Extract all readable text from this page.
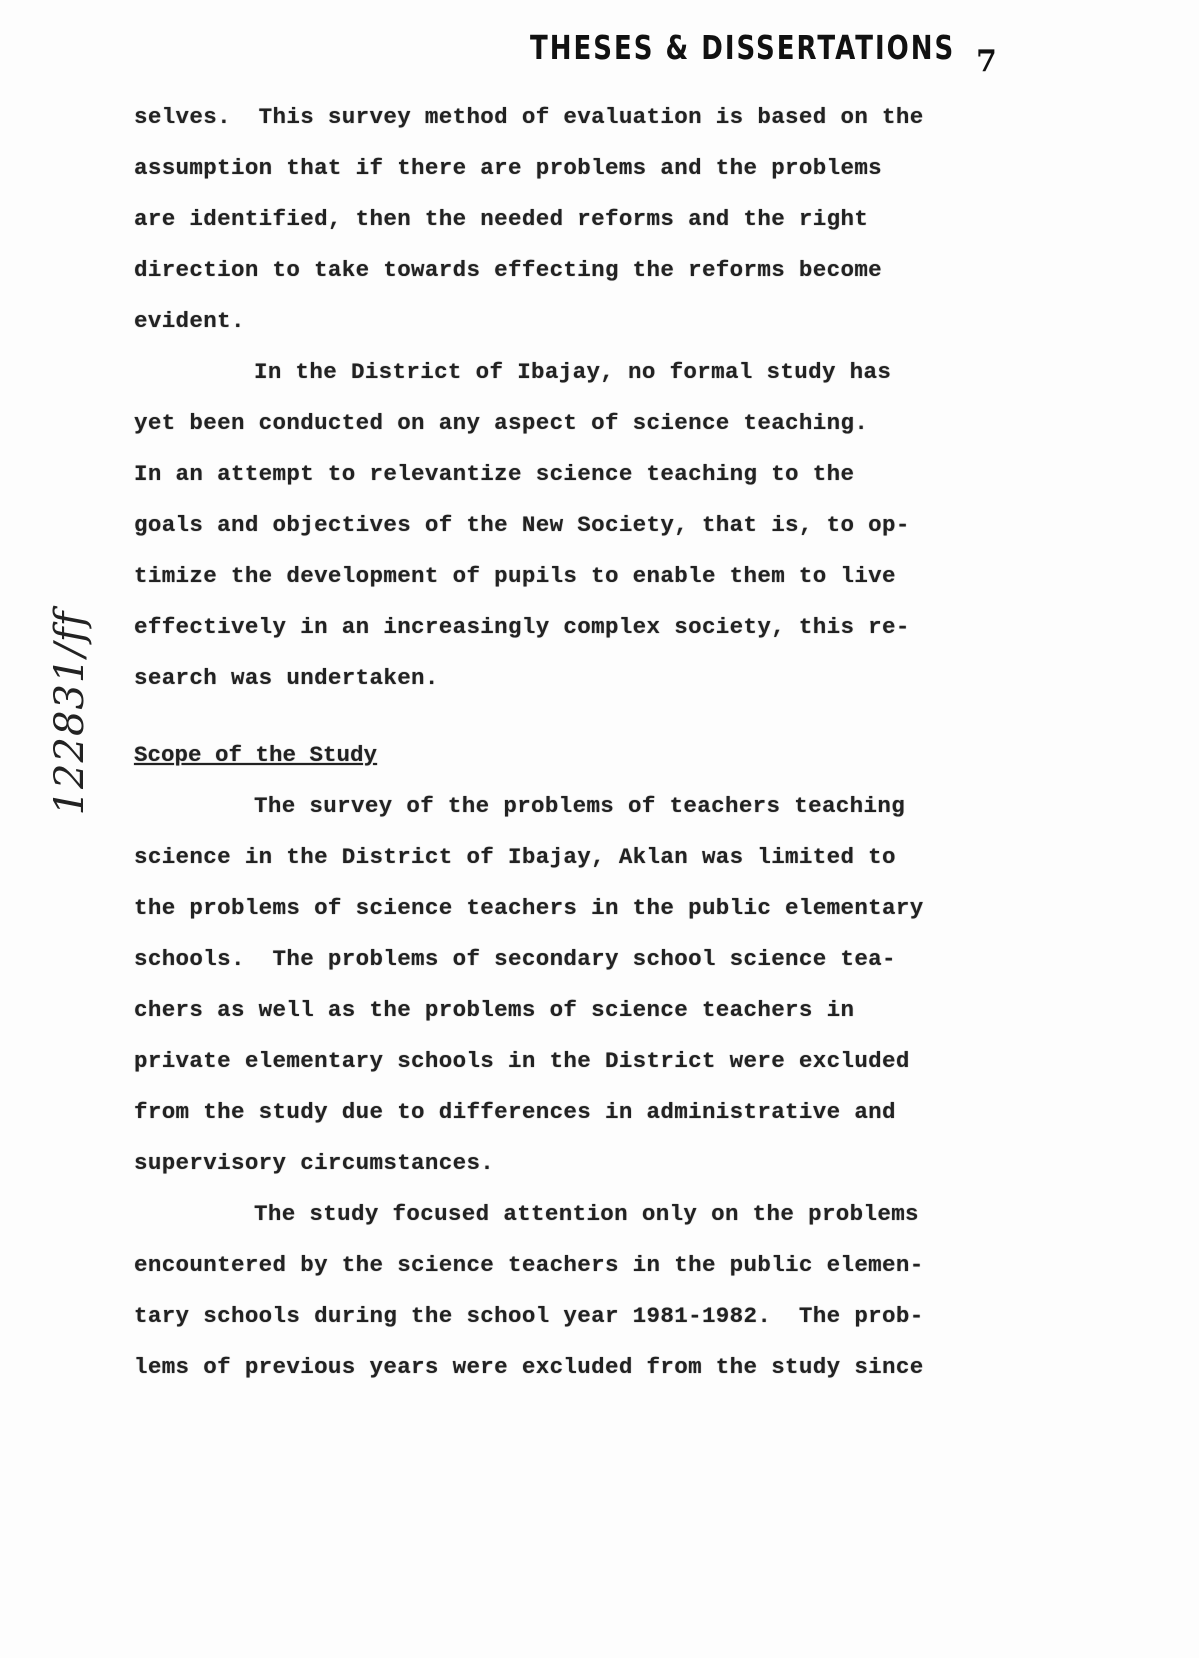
THESES & DISSERTATIONS 7
122831/ff
selves.  This survey method of evaluation is based on the
assumption that if there are problems and the problems
are identified, then the needed reforms and the right
direction to take towards effecting the reforms become
evident.
In the District of Ibajay, no formal study has
yet been conducted on any aspect of science teaching.
In an attempt to relevantize science teaching to the
goals and objectives of the New Society, that is, to op-
timize the development of pupils to enable them to live
effectively in an increasingly complex society, this re-
search was undertaken.
Scope of the Study
The survey of the problems of teachers teaching
science in the District of Ibajay, Aklan was limited to
the problems of science teachers in the public elementary
schools.  The problems of secondary school science tea-
chers as well as the problems of science teachers in
private elementary schools in the District were excluded
from the study due to differences in administrative and
supervisory circumstances.
The study focused attention only on the problems
encountered by the science teachers in the public elemen-
tary schools during the school year 1981-1982.  The prob-
lems of previous years were excluded from the study since
